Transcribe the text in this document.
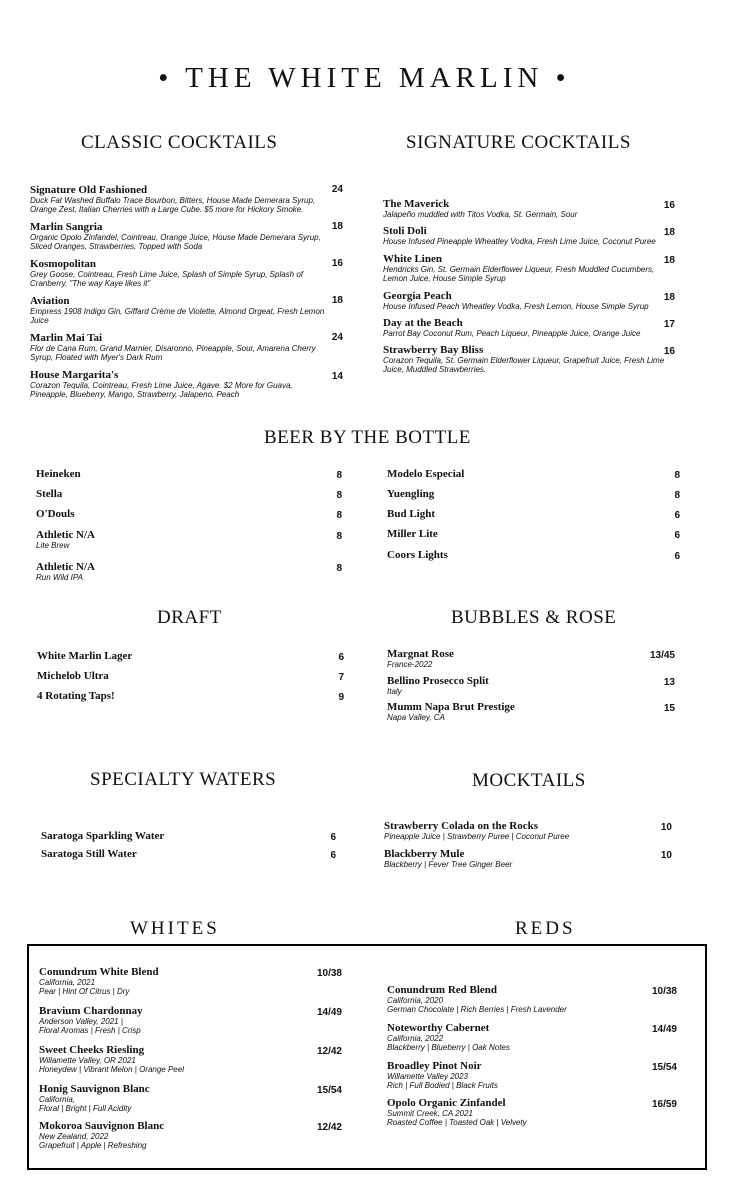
• THE WHITE MARLIN •
CLASSIC COCKTAILS	SIGNATURE COCKTAILS
BEER BY THE BOTTLE
DRAFT	BUBBLES & ROSE
SPECIALTY WATERS	MOCKTAILS
WHITES	REDS
Signature Old Fashioned
Duck Fat Washed Buffalo Trace Bourbon, Bitters, House Made Demerara Syrup, Orange Zest, Italian Cherries with a Large Cube. $5 more for Hickory Smoke.
24
Marlin Sangria
Organic Opolo Zinfandel, Cointreau, Orange Juice, House Made Demerara Syrup, Sliced Oranges, Strawberries, Topped with Soda
18
Kosmopolitan
Grey Goose, Cointreau, Fresh Lime Juice, Splash of Simple Syrup, Splash of Cranberry. "The way Kaye likes it"
16
Aviation
Empress 1908 Indigo Gin, Giffard Crème de Violette, Almond Orgeat, Fresh Lemon Juice
18
Marlin Mai Tai
Flor de Cana Rum, Grand Marnier, Disaronno, Pineapple, Sour, Amarena Cherry Syrup, Floated with Myer's Dark Rum
24
House Margarita's
Corazon Tequila, Cointreau, Fresh Lime Juice, Agave. $2 More for Guava, Pineapple, Blueberry, Mango, Strawberry, Jalapeno, Peach
14
The Maverick
Jalapeño muddled with Titos Vodka, St. Germain, Sour
16
Stoli Doli
House Infused Pineapple Wheatley Vodka, Fresh Lime Juice, Coconut Puree
18
White Linen
Hendricks Gin, St. Germain Elderflower Liqueur, Fresh Muddled Cucumbers, Lemon Juice, House Simple Syrup
18
Georgia Peach
House Infused Peach Wheatley Vodka, Fresh Lemon, House Simple Syrup
18
Day at the Beach
Parrot Bay Coconut Rum, Peach Liqueur, Pineapple Juice, Orange Juice
17
Strawberry Bay Bliss
Corazon Tequila, St. Germain Elderflower Liqueur, Grapefruit Juice, Fresh Lime Juice, Muddled Strawberries.
16
Heineken	8
Stella	8
O'Douls	8
Athletic N/A
Lite Brew
8
Athletic N/A
Run Wild IPA
8
Modelo Especial	8
Yuengling	8
Bud Light	6
Miller Lite	6
Coors Lights	6
White Marlin Lager	6
Michelob Ultra	7
4 Rotating Taps!	9
Margnat Rose
France-2022
13/45
Bellino Prosecco Split
Italy
13
Mumm Napa Brut Prestige
Napa Valley, CA
15
Saratoga Sparkling Water	6
Saratoga Still Water	6
Strawberry Colada on the Rocks
Pineapple Juice | Strawberry Puree | Coconut Puree
10
Blackberry Mule
Blackberry | Fever Tree Ginger Beer
10
Conundrum White Blend
California, 2021
Pear | Hint Of Citrus | Dry
10/38
Bravium Chardonnay
Anderson Valley, 2021 |
Floral Aromas | Fresh | Crisp
14/49
Sweet Cheeks Riesling
Willamette Valley, OR 2021
Honeydew | Vibrant Melon | Orange Peel
12/42
Honig Sauvignon Blanc
California,
Floral | Bright | Full Acidity
15/54
Mokoroa Sauvignon Blanc
New Zealand, 2022
Grapefruit | Apple | Refreshing
12/42
Conundrum Red Blend
California, 2020
German Chocolate | Rich Berries | Fresh Lavender
10/38
Noteworthy Cabernet
California, 2022
Blackberry | Blueberry | Oak Notes
14/49
Broadley Pinot Noir
Willamette Valley 2023
Rich | Full Bodied | Black Fruits
15/54
Opolo Organic Zinfandel
Summit Creek, CA 2021
Roasted Coffee | Toasted Oak | Velvety
16/59
